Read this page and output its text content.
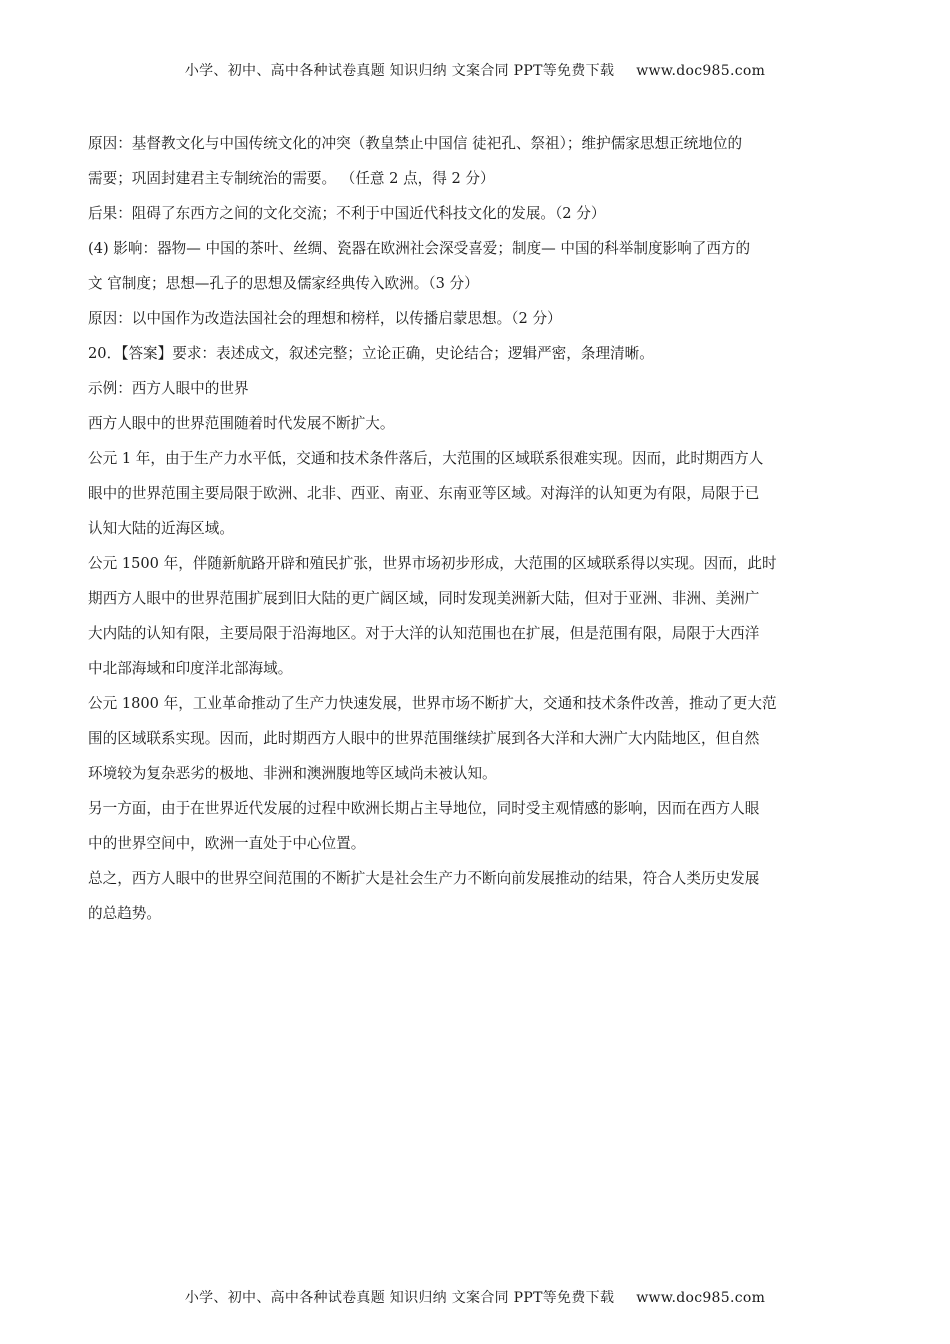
小学、初中、高中各种试卷真题 知识归纳 文案合同 PPT等免费下载 www.doc985.com

原因：基督教文化与中国传统文化的冲突（教皇禁止中国信 徒祀孔、祭祖）；维护儒家思想正统地位的

需要；巩固封建君主专制统治的需要。 （任意 2 点，得 2 分）

后果：阻碍了东西方之间的文化交流；不利于中国近代科技文化的发展。（2 分）

(4) 影响：器物— 中国的茶叶、丝绸、瓷器在欧洲社会深受喜爱；制度— 中国的科举制度影响了西方的

文 官制度；思想—孔子的思想及儒家经典传入欧洲。（3 分）

原因：以中国作为改造法国社会的理想和榜样，以传播启蒙思想。（2 分）

20．【答案】要求：表述成文，叙述完整；立论正确，史论结合；逻辑严密，条理清晰。

示例：西方人眼中的世界

西方人眼中的世界范围随着时代发展不断扩大。

公元 1 年，由于生产力水平低，交通和技术条件落后，大范围的区域联系很难实现。因而，此时期西方人

眼中的世界范围主要局限于欧洲、北非、西亚、南亚、东南亚等区域。对海洋的认知更为有限，局限于已

认知大陆的近海区域。

公元 1500 年，伴随新航路开辟和殖民扩张，世界市场初步形成，大范围的区域联系得以实现。因而，此时

期西方人眼中的世界范围扩展到旧大陆的更广阔区域，同时发现美洲新大陆，但对于亚洲、非洲、美洲广

大内陆的认知有限，主要局限于沿海地区。对于大洋的认知范围也在扩展，但是范围有限，局限于大西洋

中北部海域和印度洋北部海域。

公元 1800 年，工业革命推动了生产力快速发展，世界市场不断扩大，交通和技术条件改善，推动了更大范

围的区域联系实现。因而，此时期西方人眼中的世界范围继续扩展到各大洋和大洲广大内陆地区，但自然

环境较为复杂恶劣的极地、非洲和澳洲腹地等区域尚未被认知。

另一方面，由于在世界近代发展的过程中欧洲长期占主导地位，同时受主观情感的影响，因而在西方人眼

中的世界空间中，欧洲一直处于中心位置。

总之，西方人眼中的世界空间范围的不断扩大是社会生产力不断向前发展推动的结果，符合人类历史发展

的总趋势。

小学、初中、高中各种试卷真题 知识归纳 文案合同 PPT等免费下载 www.doc985.com
